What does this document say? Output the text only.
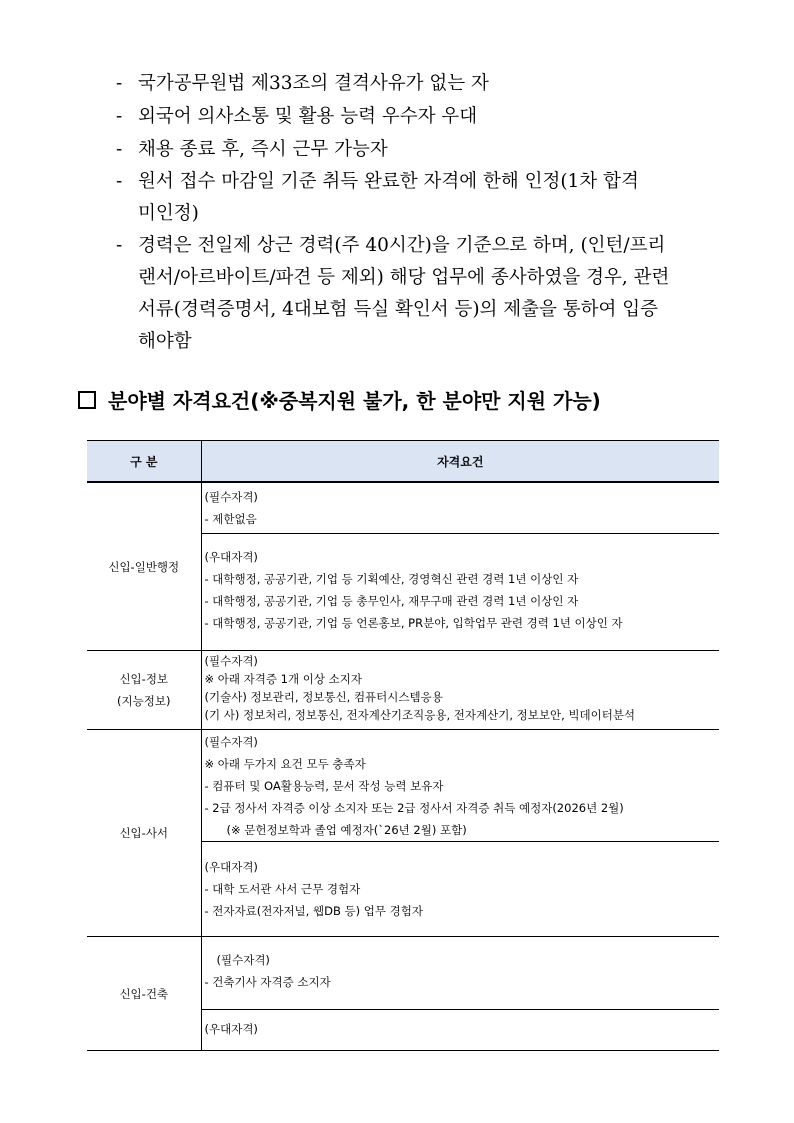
- 국가공무원법 제33조의 결격사유가 없는 자
- 외국어 의사소통 및 활용 능력 우수자 우대
- 채용 종료 후, 즉시 근무 가능자
- 원서 접수 마감일 기준 취득 완료한 자격에 한해 인정(1차 합격
미인정)
- 경력은 전일제 상근 경력(주 40시간)을 기준으로 하며, (인턴/프리
랜서/아르바이트/파견 등 제외) 해당 업무에 종사하였을 경우, 관련
서류(경력증명서, 4대보험 득실 확인서 등)의 제출을 통하여 입증
해야함
분야별 자격요건(※중복지원 불가, 한 분야만 지원 가능)
구 분	자격요건

신입-일반행정	(필수자격)
- 제한없음

	(우대자격)
- 대학행정, 공공기관, 기업 등 기획예산, 경영혁신 관련 경력 1년 이상인 자
- 대학행정, 공공기관, 기업 등 총무인사, 재무구매 관련 경력 1년 이상인 자
- 대학행정, 공공기관, 기업 등 언론홍보, PR분야, 입학업무 관련 경력 1년 이상인 자

신입-정보
(지능정보)	(필수자격)
※ 아래 자격증 1개 이상 소지자
(기술사) 정보관리, 정보통신, 컴퓨터시스템응용
(기 사) 정보처리, 정보통신, 전자계산기조직응용, 전자계산기, 정보보안, 빅데이터분석

신입-사서	(필수자격)
※ 아래 두가지 요건 모두 충족자
- 컴퓨터 및 OA활용능력, 문서 작성 능력 보유자
- 2급 정사서 자격증 이상 소지자 또는 2급 정사서 자격증 취득 예정자(2026년 2월)
(※ 문헌정보학과 졸업 예정자(`26년 2월) 포함)

	(우대자격)
- 대학 도서관 사서 근무 경험자
- 전자자료(전자저널, 웹DB 등) 업무 경험자

신입-건축	(필수자격)
- 건축기사 자격증 소지자

	(우대자격)
